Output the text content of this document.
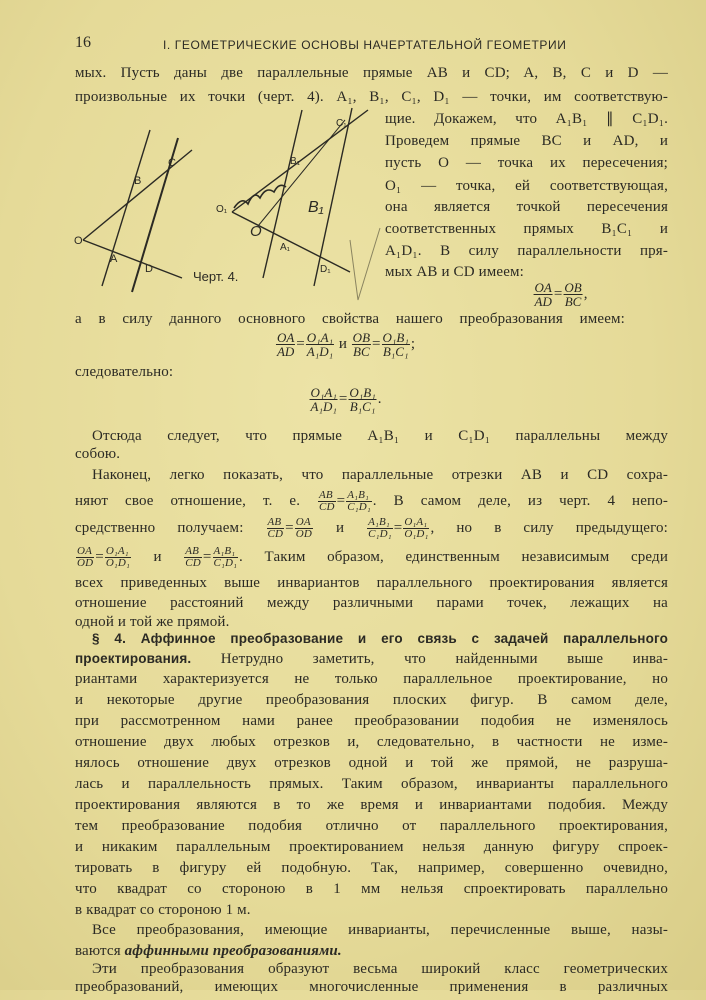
16	I. ГЕОМЕТРИЧЕСКИЕ ОСНОВЫ НАЧЕРТАТЕЛЬНОЙ ГЕОМЕТРИИ
O
A
B
C
D
O₁
A₁
B₁
C₁
D₁
O
B₁
Черт. 4.
мых. Пусть даны две параллельные прямые AB и CD; A, B, C и D —
произвольные их точки (черт. 4). A₁, B₁, C₁, D₁ — точки, им соответствую-
щие. Докажем, что A₁B₁ ∥ C₁D₁.
Проведем прямые BC и AD, и
пусть O — точка их пересечения;
O₁ — точка, ей соответствующая,
она является точкой пересечения
соответственных прямых B₁C₁ и
A₁D₁. В силу параллельности пря-
мых AB и CD имеем:
а в силу данного основного свойства нашего преобразования имеем:
следовательно:
Отсюда следует, что прямые A₁B₁ и C₁D₁ параллельны между
собою.
Наконец, легко показать, что параллельные отрезки AB и CD сохра-
няют свое отношение, т. е. $\frac{AB}{CD} = \frac{\text{A₁B₁}}{\text{C₁D₁}}$ . В самом деле, из черт. 4 непо-
средственно получаем: $\frac{AB}{CD} = \frac{OA}{OD}$ и $\frac{\text{A₁B₁}}{\text{C₁D₁}} = \frac{\text{O₁A₁}}{\text{O₁D₁}}$ , но в силу предыдущего:
$\frac{OA}{OD} = \frac{\text{O₁A₁}}{\text{O₁D₁}}$ и $\frac{AB}{CD} = \frac{\text{A₁B₁}}{\text{C₁D₁}}$ . Таким образом, единственным независимым среди
всех приведенных выше инвариантов параллельного проектирования является
отношение расстояний между различными парами точек, лежащих на
одной и той же прямой.
§ 4. Аффинное преобразование и его связь с задачей параллельного
проектирования. Нетрудно заметить, что найденными выше инва-
риантами характеризуется не только параллельное проектирование, но
и некоторые другие преобразования плоских фигур. В самом деле,
при рассмотренном нами ранее преобразовании подобия не изменялось
отношение двух любых отрезков и, следовательно, в частности не изме-
нялось отношение двух отрезков одной и той же прямой, не разруша-
лась и параллельность прямых. Таким образом, инварианты параллельного
проектирования являются в то же время и инвариантами подобия. Между
тем преобразование подобия отлично от параллельного проектирования,
и никаким параллельным проектированием нельзя данную фигуру спроек-
тировать в фигуру ей подобную. Так, например, совершенно очевидно,
что квадрат со стороною в 1 мм нельзя спроектировать параллельно
в квадрат со стороною 1 м.
Все преобразования, имеющие инварианты, перечисленные выше, назы-
ваются аффинными преобразованиями.
Эти преобразования образуют весьма широкий класс геометрических
преобразований, имеющих многочисленные применения в различных
$\frac{OA}{AD} = \frac{OB}{BC}$ ,
$\frac{OA}{AD} = \frac{\text{O₁A₁}}{\text{A₁D₁}}$ и $\frac{OB}{BC} = \frac{\text{O₁B₁}}{\text{B₁C₁}}$ ;
$\frac{\text{O₁A₁}}{\text{A₁D₁}} = \frac{\text{O₁B₁}}{\text{B₁C₁}}$ .
